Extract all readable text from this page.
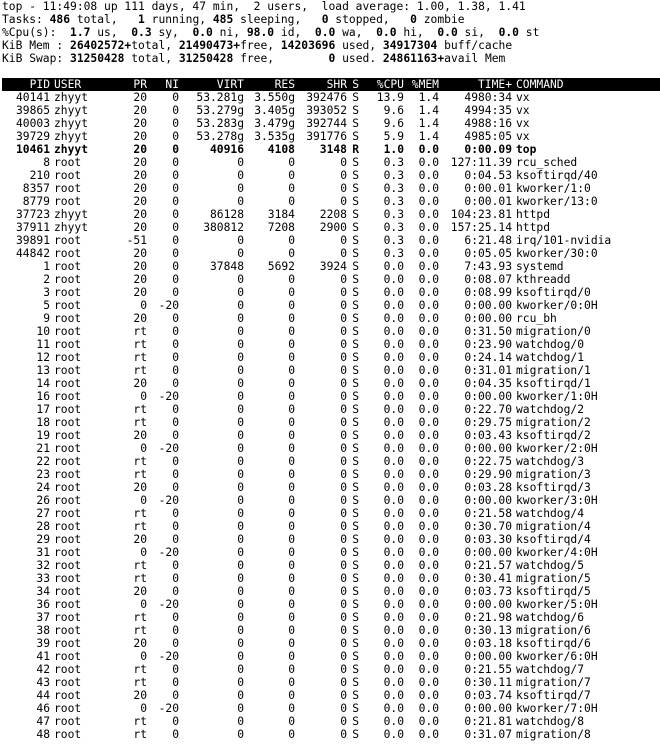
top - 11:49:08 up 111 days, 47 min,  2 users,  load average: 1.00, 1.38, 1.41
Tasks: 486 total,   1 running, 485 sleeping,   0 stopped,   0 zombie
%Cpu(s):  1.7 us,  0.3 sy,  0.0 ni, 98.0 id,  0.0 wa,  0.0 hi,  0.0 si,  0.0 st
KiB Mem : 26402572+total, 21490473+free, 14203696 used, 34917304 buff/cache
KiB Swap: 31250428 total, 31250428 free,        0 used. 24861163+avail Mem
PID USER	PR NI	VIRT	RES	SHR S %CPU %MEM	TIME+ COMMAND
40141 zhyyt	20 0 53.281g 3.550g 392476 S 13.9 1.4 4980:34 vx
39865 zhyyt	20 0 53.279g 3.405g 393052 S 9.6 1.4 4994:35 vx
40003 zhyyt	20 0 53.283g 3.479g 392744 S 9.6 1.4 4988:16 vx
39729 zhyyt	20 0 53.278g 3.535g 391776 S 5.9 1.4 4985:05 vx
10461 zhyyt	20 0	40916 4108 3148 R 1.0 0.0 0:00.09 top
8 root	20 0	0	0	0 S 0.3 0.0 127:11.39 rcu_sched
210 root	20 0	0	0	0 S 0.3 0.0 0:04.53 ksoftirqd/40
8357 root	20 0	0	0	0 S 0.3 0.0 0:00.01 kworker/1:0
8779 root	20 0	0	0	0 S 0.3 0.0 0:00.01 kworker/13:0
37723 zhyyt	20 0	86128 3184 2208 S 0.3 0.0 104:23.81 httpd
37911 zhyyt	20 0 380812 7208 2900 S 0.3 0.0 157:25.14 httpd
39891 root	-51 0	0	0	0 S 0.3 0.0 6:21.48 irq/101-nvidia
44842 root	20 0	0	0	0 S 0.3 0.0 0:05.05 kworker/30:0
1 root	20 0	37848 5692 3924 S 0.0 0.0 7:43.93 systemd
2 root	20 0	0	0	0 S 0.0 0.0 0:08.07 kthreadd
3 root	20 0	0	0	0 S 0.0 0.0 0:08.99 ksoftirqd/0
5 root	0 -20	0	0	0 S 0.0 0.0 0:00.00 kworker/0:0H
9 root	20 0	0	0	0 S 0.0 0.0 0:00.00 rcu_bh
10 root	rt 0	0	0	0 S 0.0 0.0 0:31.50 migration/0
11 root	rt 0	0	0	0 S 0.0 0.0 0:23.90 watchdog/0
12 root	rt 0	0	0	0 S 0.0 0.0 0:24.14 watchdog/1
13 root	rt 0	0	0	0 S 0.0 0.0 0:31.01 migration/1
14 root	20 0	0	0	0 S 0.0 0.0 0:04.35 ksoftirqd/1
16 root	0 -20	0	0	0 S 0.0 0.0 0:00.00 kworker/1:0H
17 root	rt 0	0	0	0 S 0.0 0.0 0:22.70 watchdog/2
18 root	rt 0	0	0	0 S 0.0 0.0 0:29.75 migration/2
19 root	20 0	0	0	0 S 0.0 0.0 0:03.43 ksoftirqd/2
21 root	0 -20	0	0	0 S 0.0 0.0 0:00.00 kworker/2:0H
22 root	rt 0	0	0	0 S 0.0 0.0 0:22.75 watchdog/3
23 root	rt 0	0	0	0 S 0.0 0.0 0:29.90 migration/3
24 root	20 0	0	0	0 S 0.0 0.0 0:03.28 ksoftirqd/3
26 root	0 -20	0	0	0 S 0.0 0.0 0:00.00 kworker/3:0H
27 root	rt 0	0	0	0 S 0.0 0.0 0:21.58 watchdog/4
28 root	rt 0	0	0	0 S 0.0 0.0 0:30.70 migration/4
29 root	20 0	0	0	0 S 0.0 0.0 0:03.30 ksoftirqd/4
31 root	0 -20	0	0	0 S 0.0 0.0 0:00.00 kworker/4:0H
32 root	rt 0	0	0	0 S 0.0 0.0 0:21.57 watchdog/5
33 root	rt 0	0	0	0 S 0.0 0.0 0:30.41 migration/5
34 root	20 0	0	0	0 S 0.0 0.0 0:03.73 ksoftirqd/5
36 root	0 -20	0	0	0 S 0.0 0.0 0:00.00 kworker/5:0H
37 root	rt 0	0	0	0 S 0.0 0.0 0:21.98 watchdog/6
38 root	rt 0	0	0	0 S 0.0 0.0 0:30.13 migration/6
39 root	20 0	0	0	0 S 0.0 0.0 0:03.18 ksoftirqd/6
41 root	0 -20	0	0	0 S 0.0 0.0 0:00.00 kworker/6:0H
42 root	rt 0	0	0	0 S 0.0 0.0 0:21.55 watchdog/7
43 root	rt 0	0	0	0 S 0.0 0.0 0:30.11 migration/7
44 root	20 0	0	0	0 S 0.0 0.0 0:03.74 ksoftirqd/7
46 root	0 -20	0	0	0 S 0.0 0.0 0:00.00 kworker/7:0H
47 root	rt 0	0	0	0 S 0.0 0.0 0:21.81 watchdog/8
48 root	rt 0	0	0	0 S 0.0 0.0 0:31.07 migration/8
